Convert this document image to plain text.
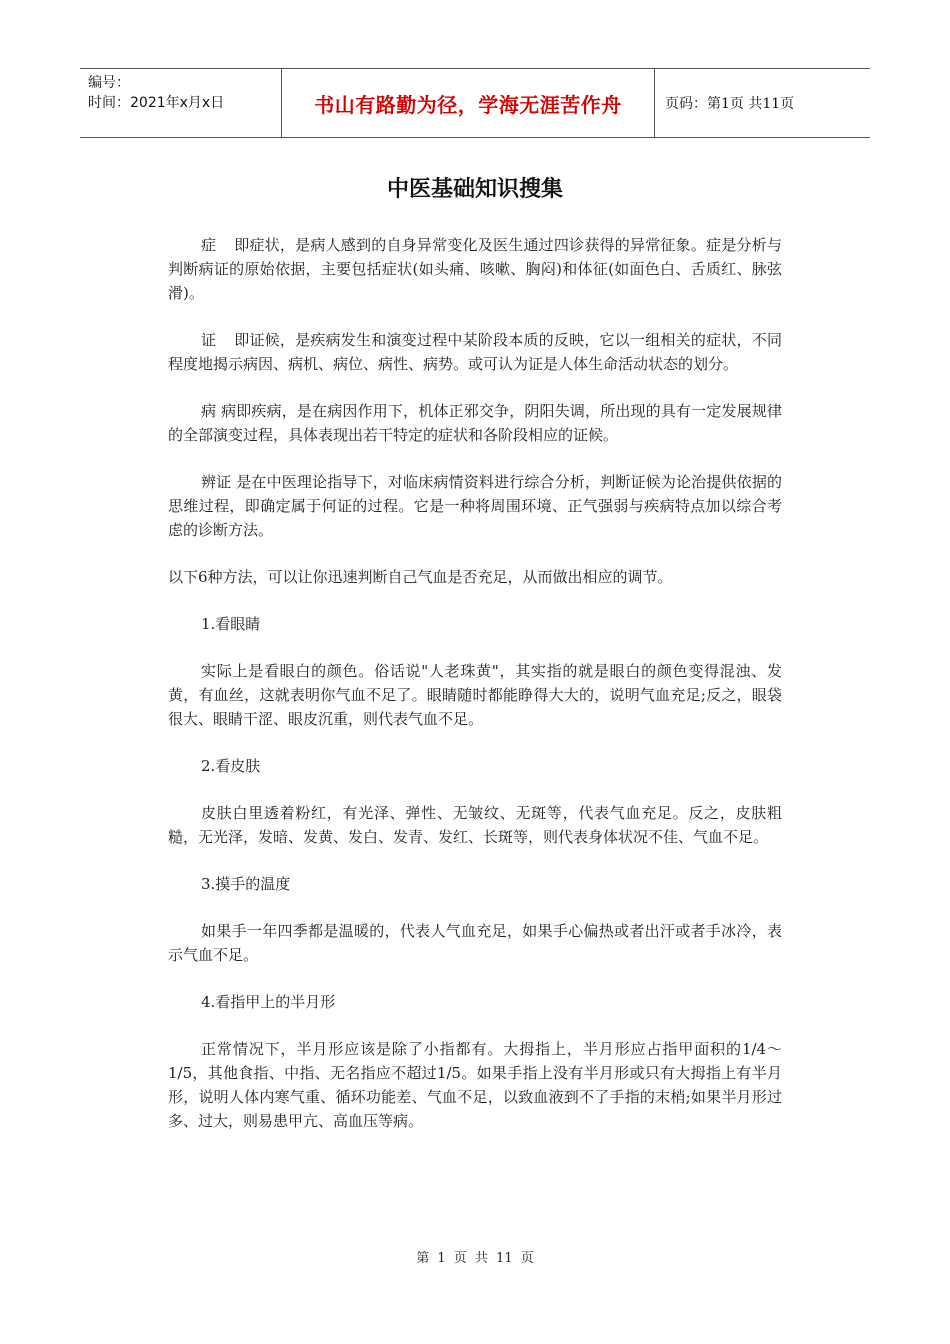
编号：
时间：2021年x月x日	书山有路勤为径，学海无涯苦作舟	页码：第1页 共11页
中医基础知识搜集

症 即症状，是病人感到的自身异常变化及医生通过四诊获得的异常征象。症是分析与判断病证的原始依据，主要包括症状(如头痛、咳嗽、胸闷)和体征(如面色白、舌质红、脉弦滑)。

证 即证候，是疾病发生和演变过程中某阶段本质的反映，它以一组相关的症状，不同程度地揭示病因、病机、病位、病性、病势。或可认为证是人体生命活动状态的划分。

病 病即疾病，是在病因作用下，机体正邪交争，阴阳失调，所出现的具有一定发展规律的全部演变过程，具体表现出若干特定的症状和各阶段相应的证候。

辨证 是在中医理论指导下，对临床病情资料进行综合分析，判断证候为论治提供依据的思维过程，即确定属于何证的过程。它是一种将周围环境、正气强弱与疾病特点加以综合考虑的诊断方法。

以下6种方法，可以让你迅速判断自己气血是否充足，从而做出相应的调节。

1.看眼睛

实际上是看眼白的颜色。俗话说"人老珠黄"，其实指的就是眼白的颜色变得混浊、发黄，有血丝，这就表明你气血不足了。眼睛随时都能睁得大大的，说明气血充足;反之，眼袋很大、眼睛干涩、眼皮沉重，则代表气血不足。

2.看皮肤

皮肤白里透着粉红，有光泽、弹性、无皱纹、无斑等，代表气血充足。反之，皮肤粗糙，无光泽，发暗、发黄、发白、发青、发红、长斑等，则代表身体状况不佳、气血不足。

3.摸手的温度

如果手一年四季都是温暖的，代表人气血充足，如果手心偏热或者出汗或者手冰冷，表示气血不足。

4.看指甲上的半月形

正常情况下，半月形应该是除了小指都有。大拇指上，半月形应占指甲面积的1/4～1/5，其他食指、中指、无名指应不超过1/5。如果手指上没有半月形或只有大拇指上有半月形，说明人体内寒气重、循环功能差、气血不足，以致血液到不了手指的末梢;如果半月形过多、过大，则易患甲亢、高血压等病。

第 1 页 共 11 页
